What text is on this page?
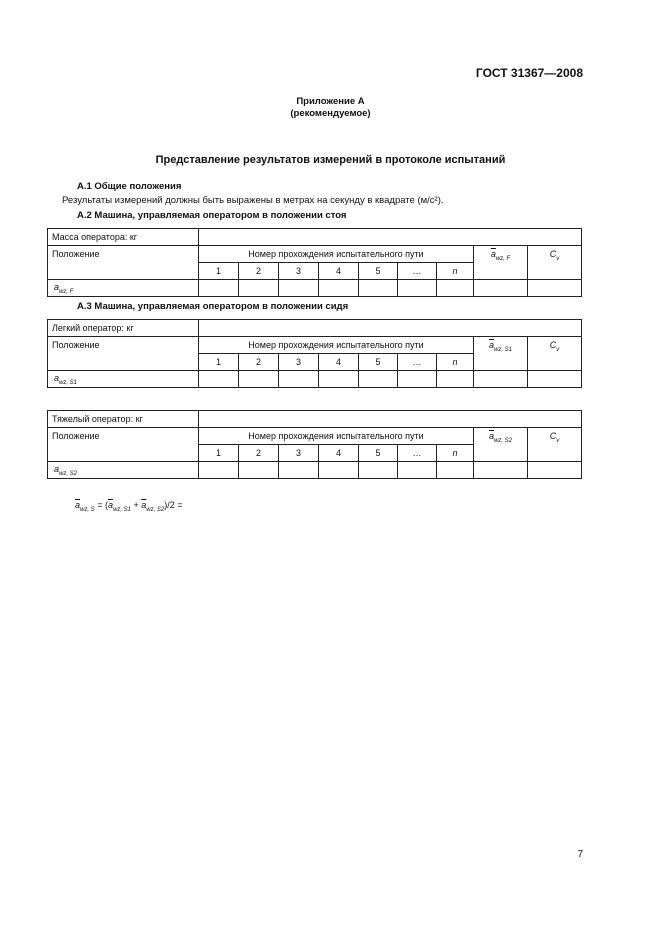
ГОСТ 31367—2008
Приложение А
(рекомендуемое)
Представление результатов измерений в протоколе испытаний
А.1 Общие положения
Результаты измерений должны быть выражены в метрах на секунду в квадрате (м/с²).
А.2 Машина, управляемая оператором в положении стоя
Масса оператора: кг									
Положение	Номер прохождения испытательного пути							$\overline{a}_{wz, F}$	$C_v$
	1	2	3	4	5	…	n		
$a_{wz, F}$									
А.3 Машина, управляемая оператором в положении сидя
Легкий оператор: кг									
Положение	Номер прохождения испытательного пути							$\overline{a}_{wz, S1}$	$C_v$
	1	2	3	4	5	…	n		
$a_{wz, S1}$									
Тяжелый оператор: кг									
Положение	Номер прохождения испытательного пути							$\overline{a}_{wz, S2}$	$C_v$
	1	2	3	4	5	…	n		
$a_{wz, S2}$									
$\overline{a}_{wz, S} = (\overline{a}_{wz, S1} + \overline{a}_{wz, S2})/2$ =
7
